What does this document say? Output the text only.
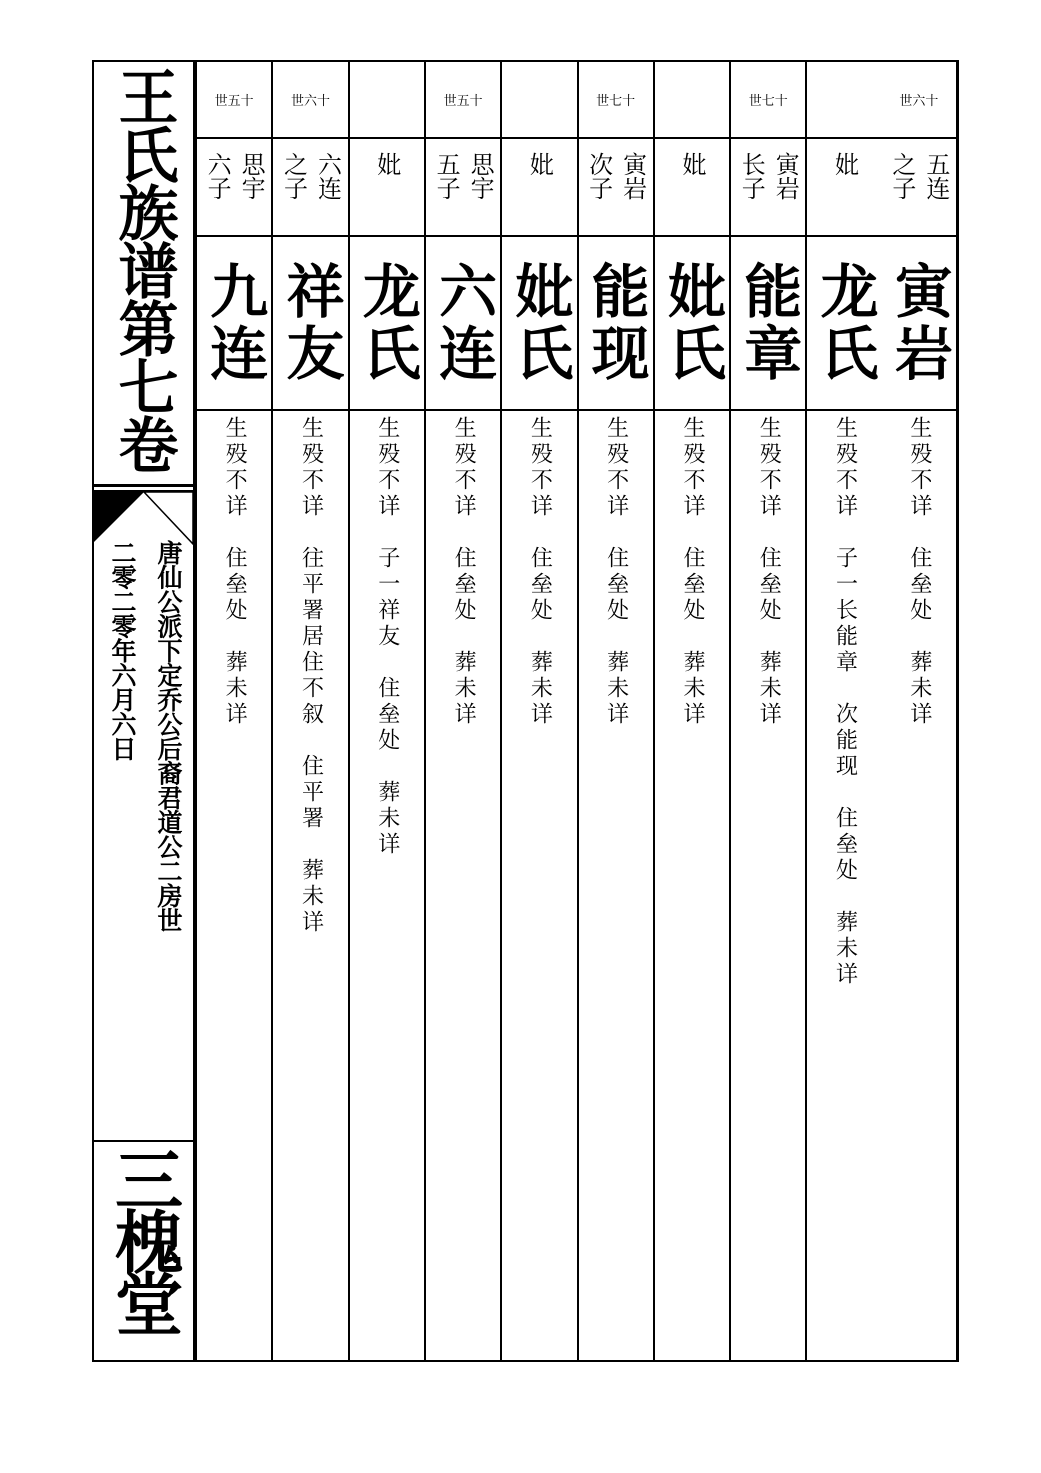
王氏族谱第七卷
唐仙公派下定乔公后裔君道公二房世
二零二零年六月六日
三槐堂
世六十
五连
之子
寅岩
生殁不详　住垒处　葬未详
妣
龙氏
生殁不详　子一长能章　次能现　住垒处　葬未详
世七十
寅岩
长子
能章
生殁不详　住垒处　葬未详
妣
妣氏
生殁不详　住垒处　葬未详
世七十
寅岩
次子
能现
生殁不详　住垒处　葬未详
妣
妣氏
生殁不详　住垒处　葬未详
世五十
思宇
五子
六连
生殁不详　住垒处　葬未详
妣
龙氏
生殁不详　子一祥友　住垒处　葬未详
世六十
六连
之子
祥友
生殁不详　往平署居住不叙　住平署　葬未详
世五十
思宇
六子
九连
生殁不详　住垒处　葬未详
